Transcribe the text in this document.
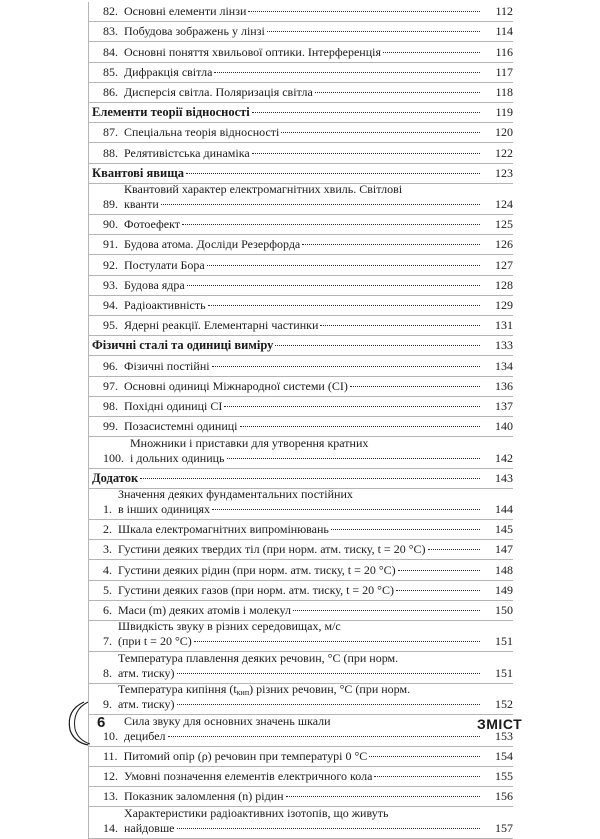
82. Основні елементи лінзи	112
83. Побудова зображень у лінзі	114
84. Основні поняття хвильової оптики. Інтерференція	116
85. Дифракція світла	117
86. Дисперсія світла. Поляризація світла	118
Елементи теорії відносності	119
87. Спеціальна теорія відносності	120
88. Релятивістська динаміка	122
Квантові явища	123
89.
Квантовий характер електромагнітних хвиль. Світлові
кванти	124
90. Фотоефект	125
91. Будова атома. Досліди Резерфорда	126
92. Постулати Бора	127
93. Будова ядра	128
94. Радіоактивність	129
95. Ядерні реакції. Елементарні частинки	131
Фізичні сталі та одиниці виміру	133
96. Фізичні постійні	134
97. Основні одиниці Міжнародної системи (СІ)	136
98. Похідні одиниці СІ	137
99. Позасистемні одиниці	140
100.
Множники і приставки для утворення кратних
і дольних одиниць	142
Додаток	143
1.
Значення деяких фундаментальних постійних
в інших одиницях	144
2. Шкала електромагнітних випромінювань	145
3. Густини деяких твердих тіл (при норм. атм. тиску, t = 20 °С)	147
4. Густини деяких рідин (при норм. атм. тиску, t = 20 °С)	148
5. Густини деяких газов (при норм. атм. тиску, t = 20 °С)	149
6. Маси (m) деяких атомів і молекул	150
7.
Швидкість звуку в різних середовищах, м/с
(при t = 20 °С)	151
8.
Температура плавлення деяких речовин, °С (при норм.
атм. тиску)	151
9.
Температура кипіння $(t_{кип})$ різних речовин, °С (при норм.
атм. тиску)	152
10.
Сила звуку для основних значень шкали
децибел	153
11. Питомий опір (ρ) речовин при температурі 0 °С	154
12. Умовні позначення елементів електричного кола	155
13. Показник заломлення (n) рідин	156
14.
Характеристики радіоактивних ізотопів, що живуть
найдовше	157
6	ЗМІСТ
